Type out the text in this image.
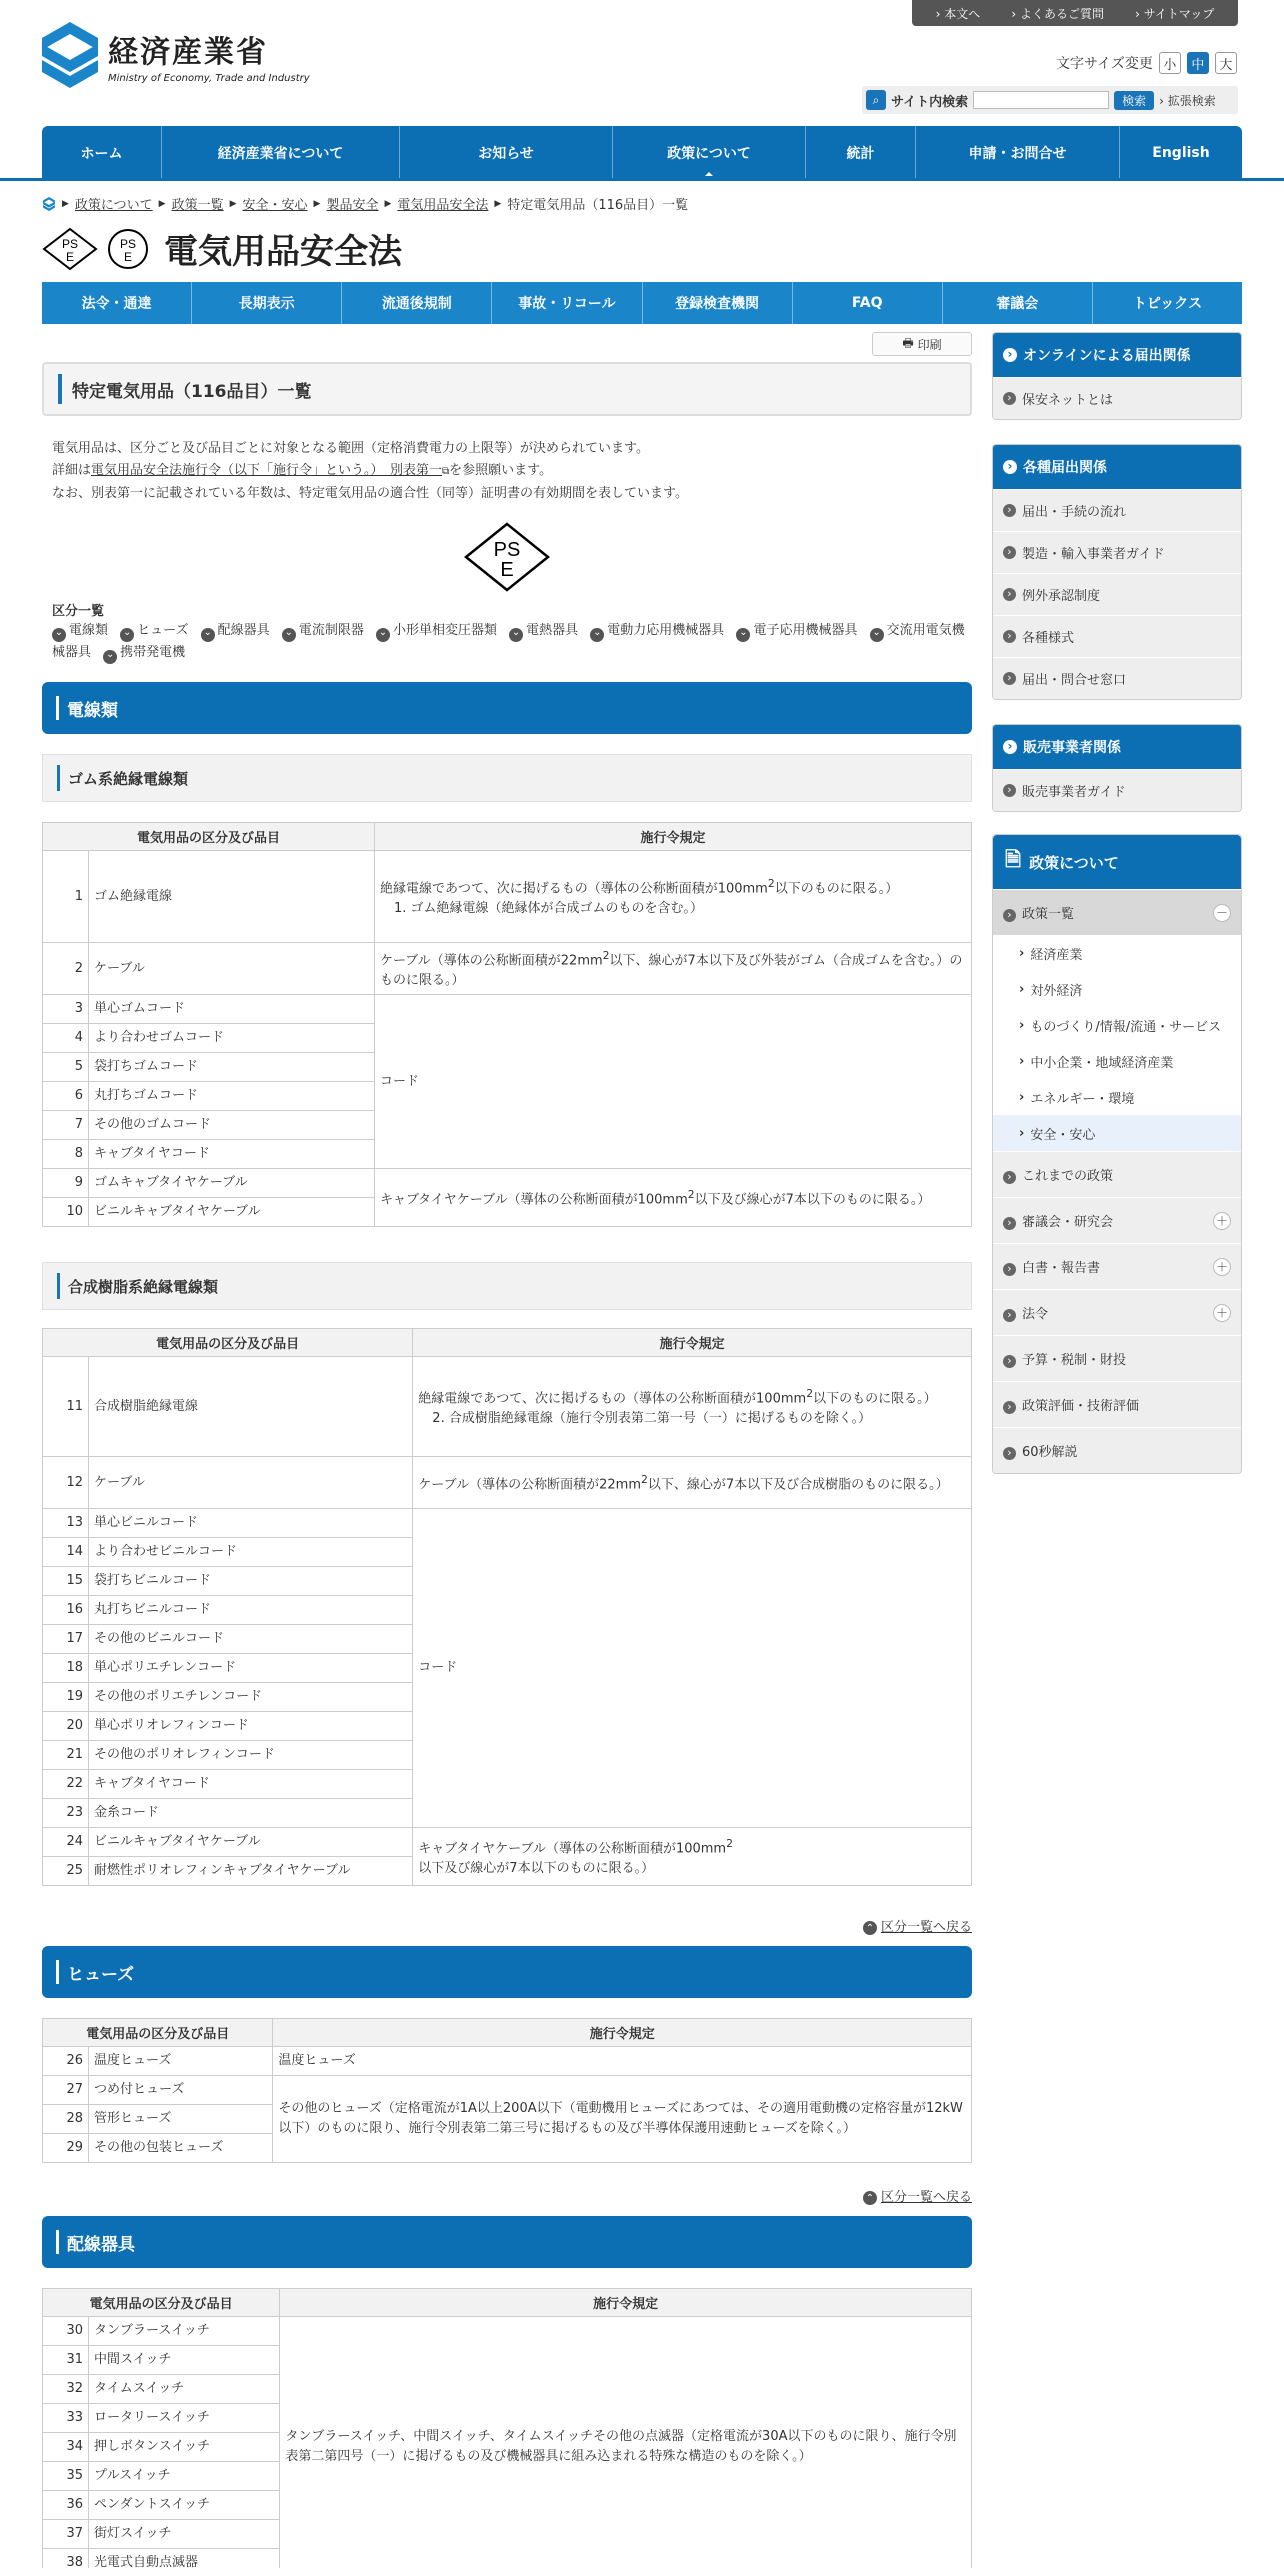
› 本文へ	› よくあるご質問	› サイトマップ
経済産業省
Ministry of Economy, Trade and Industry
文字サイズ変更 小	中	大
⌕ サイト内検索	検索	› 拡張検索
ホーム	経済産業省について	お知らせ	政策について	統計	申請・お問合せ	English
▶ 政策について ▶ 政策一覧 ▶ 安全・安心 ▶ 製品安全 ▶ 電気用品安全法 ▶ 特定電気用品（116品目）一覧
PS
E
PS
E 電気用品安全法
法令・通達	長期表示	流通後規制	事故・リコール	登録検査機関	FAQ	審議会	トピックス
🖶 印刷
特定電気用品（116品目）一覧
電気用品は、区分ごと及び品目ごとに対象となる範囲（定格消費電力の上限等）が決められています。
詳細は電気用品安全法施行令（以下「施行令」という。）　別表第一⧉を参照願います。
なお、別表第一に記載されている年数は、特定電気用品の適合性（同等）証明書の有効期間を表しています。
PS
E
区分一覧
⌄ 電線類 ⌄ ヒューズ ⌄ 配線器具 ⌄ 電流制限器 ⌄ 小形単相変圧器類 ⌄ 電熱器具 ⌄ 電動力応用機械器具 ⌄ 電子応用機械器具 ⌄ 交流用電気機械器具 ⌄ 携帯発電機
電線類
ゴム系絶縁電線類
電気用品の区分及び品目		施行令規定
1	ゴム絶縁電線	絶縁電線であつて、次に掲げるもの（導体の公称断面積が$100mm^2$以下のものに限る。）
1. ゴム絶縁電線（絶縁体が合成ゴムのものを含む。）
2	ケーブル	ケーブル（導体の公称断面積が$22mm^2$以下、線心が7本以下及び外装がゴム（合成ゴムを含む。）のものに限る。）
3	単心ゴムコード	コード
4	より合わせゴムコード	
5	袋打ちゴムコード	
6	丸打ちゴムコード	
7	その他のゴムコード	
8	キャブタイヤコード	
9	ゴムキャブタイヤケーブル	キャブタイヤケーブル（導体の公称断面積が$100mm^2$以下及び線心が7本以下のものに限る。）
10	ビニルキャブタイヤケーブル	
合成樹脂系絶縁電線類
電気用品の区分及び品目		施行令規定
11	合成樹脂絶縁電線	絶縁電線であつて、次に掲げるもの（導体の公称断面積が$100mm^2$以下のものに限る。）
2. 合成樹脂絶縁電線（施行令別表第二第一号（一）に掲げるものを除く。）
12	ケーブル	ケーブル（導体の公称断面積が$22mm^2$以下、線心が7本以下及び合成樹脂のものに限る。）
13	単心ビニルコード	コード
14	より合わせビニルコード	
15	袋打ちビニルコード	
16	丸打ちビニルコード	
17	その他のビニルコード	
18	単心ポリエチレンコード	
19	その他のポリエチレンコード	
20	単心ポリオレフィンコード	
21	その他のポリオレフィンコード	
22	キャブタイヤコード	
23	金糸コード	
24	ビニルキャブタイヤケーブル	キャブタイヤケーブル（導体の公称断面積が$100mm^2$以下及び線心が7本以下のものに限る。）
25	耐燃性ポリオレフィンキャブタイヤケーブル	
⌃ 区分一覧へ戻る
ヒューズ
電気用品の区分及び品目		施行令規定
26	温度ヒューズ	温度ヒューズ
27	つめ付ヒューズ	その他のヒューズ（定格電流が1A以上200A以下（電動機用ヒューズにあつては、その適用電動機の定格容量が12kW以下）のものに限り、施行令別表第二第三号に掲げるもの及び半導体保護用速動ヒューズを除く。）
28	管形ヒューズ	
29	その他の包装ヒューズ	
⌃ 区分一覧へ戻る
配線器具
電気用品の区分及び品目		施行令規定
30	タンブラースイッチ	タンブラースイッチ、中間スイッチ、タイムスイッチその他の点滅器（定格電流が30A以下のものに限り、施行令別表第二第四号（一）に掲げるもの及び機械器具に組み込まれる特殊な構造のものを除く。）
31	中間スイッチ	
32	タイムスイッチ	
33	ロータリースイッチ	
34	押しボタンスイッチ	
35	プルスイッチ	
36	ペンダントスイッチ	
37	街灯スイッチ	
38	光電式自動点滅器	
› オンラインによる届出関係
› 保安ネットとは
› 各種届出関係
› 届出・手続の流れ
› 製造・輸入事業者ガイド
› 例外承認制度
› 各種様式
› 届出・問合せ窓口
› 販売事業者関係
› 販売事業者ガイド
🗎 政策について
› 政策一覧	－
› 経済産業
› 対外経済
› ものづくり/情報/流通・サービス
› 中小企業・地域経済産業
› エネルギー・環境
› 安全・安心
› これまでの政策
› 審議会・研究会	＋
› 白書・報告書	＋
› 法令	＋
› 予算・税制・財投
› 政策評価・技術評価
› 60秒解説
